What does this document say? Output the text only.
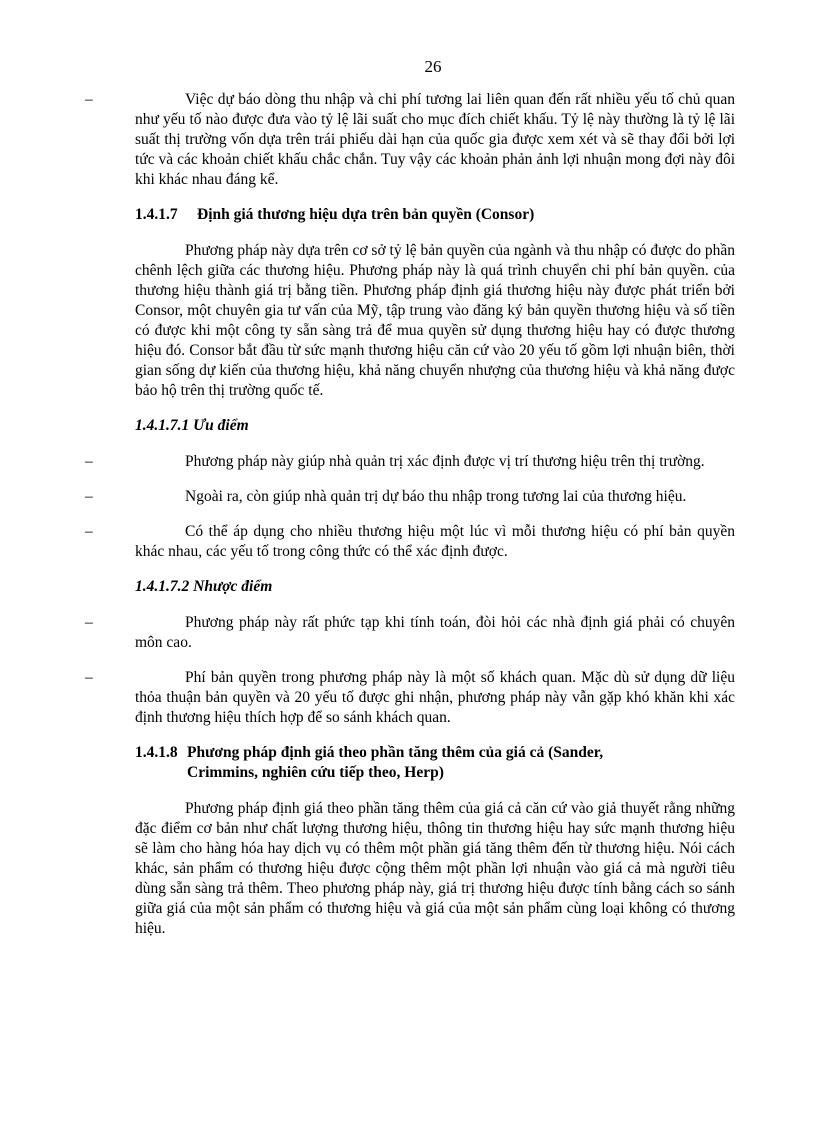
26

–	Việc dự báo dòng thu nhập và chi phí tương lai liên quan đến rất nhiều yếu tố chủ quan như yếu tố nào được đưa vào tỷ lệ lãi suất cho mục đích chiết khấu. Tỷ lệ này thường là tỷ lệ lãi suất thị trường vốn dựa trên trái phiếu dài hạn của quốc gia được xem xét và sẽ thay đổi bởi lợi tức và các khoản chiết khấu chắc chắn. Tuy vậy các khoản phản ảnh lợi nhuận mong đợi này đôi khi khác nhau đáng kể.

1.4.1.7 Định giá thương hiệu dựa trên bản quyền (Consor)

Phương pháp này dựa trên cơ sở tỷ lệ bản quyền của ngành và thu nhập có được do phần chênh lệch giữa các thương hiệu. Phương pháp này là quá trình chuyển chi phí bản quyền. của thương hiệu thành giá trị bằng tiền. Phương pháp định giá thương hiệu này được phát triển bởi Consor, một chuyên gia tư vấn của Mỹ, tập trung vào đăng ký bản quyền thương hiệu và số tiền có được khi một công ty sẵn sàng trả để mua quyền sử dụng thương hiệu hay có được thương hiệu đó. Consor bắt đầu từ sức mạnh thương hiệu căn cứ vào 20 yếu tố gồm lợi nhuận biên, thời gian sống dự kiến của thương hiệu, khả năng chuyển nhượng của thương hiệu và khả năng được bảo hộ trên thị trường quốc tế.

1.4.1.7.1 Ưu điểm

–	Phương pháp này giúp nhà quản trị xác định được vị trí thương hiệu trên thị trường.

–	Ngoài ra, còn giúp nhà quản trị dự báo thu nhập trong tương lai của thương hiệu.

–	Có thể áp dụng cho nhiều thương hiệu một lúc vì mỗi thương hiệu có phí bản quyền khác nhau, các yếu tố trong công thức có thể xác định được.

1.4.1.7.2 Nhược điểm

–	Phương pháp này rất phức tạp khi tính toán, đòi hỏi các nhà định giá phải có chuyên môn cao.

–	Phí bản quyền trong phương pháp này là một số khách quan. Mặc dù sử dụng dữ liệu thỏa thuận bản quyền và 20 yếu tố được ghi nhận, phương pháp này vẫn gặp khó khăn khi xác định thương hiệu thích hợp để so sánh khách quan.

1.4.1.8 Phương pháp định giá theo phần tăng thêm của giá cả (Sander,
Crimmins, nghiên cứu tiếp theo, Herp)

Phương pháp định giá theo phần tăng thêm của giá cả căn cứ vào giả thuyết rằng những đặc điểm cơ bản như chất lượng thương hiệu, thông tin thương hiệu hay sức mạnh thương hiệu sẽ làm cho hàng hóa hay dịch vụ có thêm một phần giá tăng thêm đến từ thương hiệu. Nói cách khác, sản phẩm có thương hiệu được cộng thêm một phần lợi nhuận vào giá cả mà người tiêu dùng sẵn sàng trả thêm. Theo phương pháp này, giá trị thương hiệu được tính bằng cách so sánh giữa giá của một sản phẩm có thương hiệu và giá của một sản phẩm cùng loại không có thương hiệu.
